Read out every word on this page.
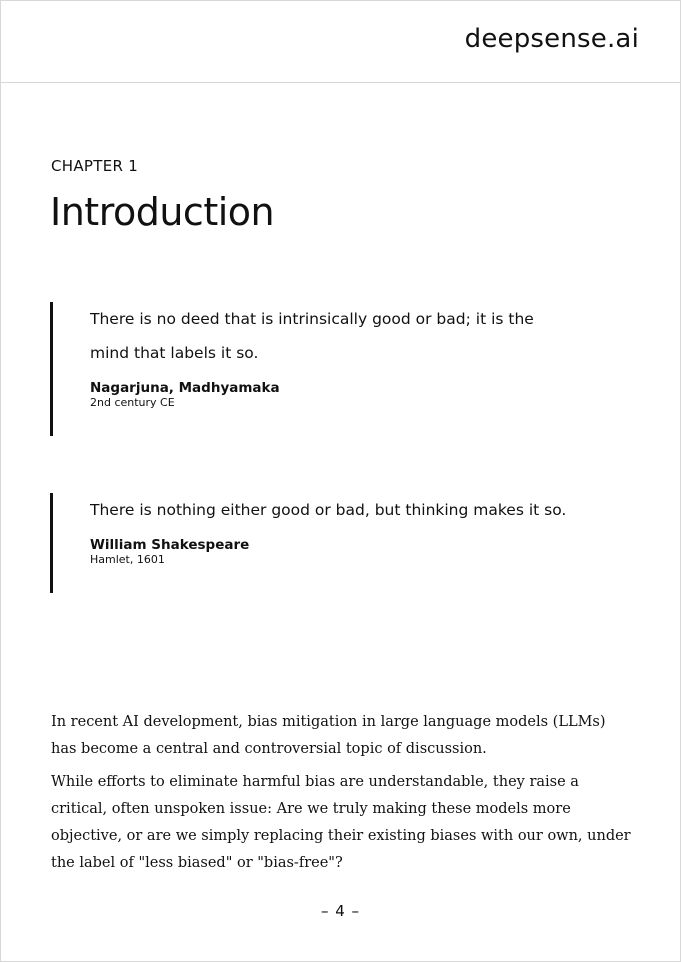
deepsense.ai
CHAPTER 1
Introduction

There is no deed that is intrinsically good or bad; it is the mind that labels it so.

Nagarjuna, Madhyamaka
2nd century CE

There is nothing either good or bad, but thinking makes it so.

William Shakespeare
Hamlet, 1601

In recent AI development, bias mitigation in large language models (LLMs) has become a central and controversial topic of discussion.

While efforts to eliminate harmful bias are understandable, they raise a critical, often unspoken issue: Are we truly making these models more objective, or are we simply replacing their existing biases with our own, under the label of "less biased" or "bias-free"?

– 4 –
